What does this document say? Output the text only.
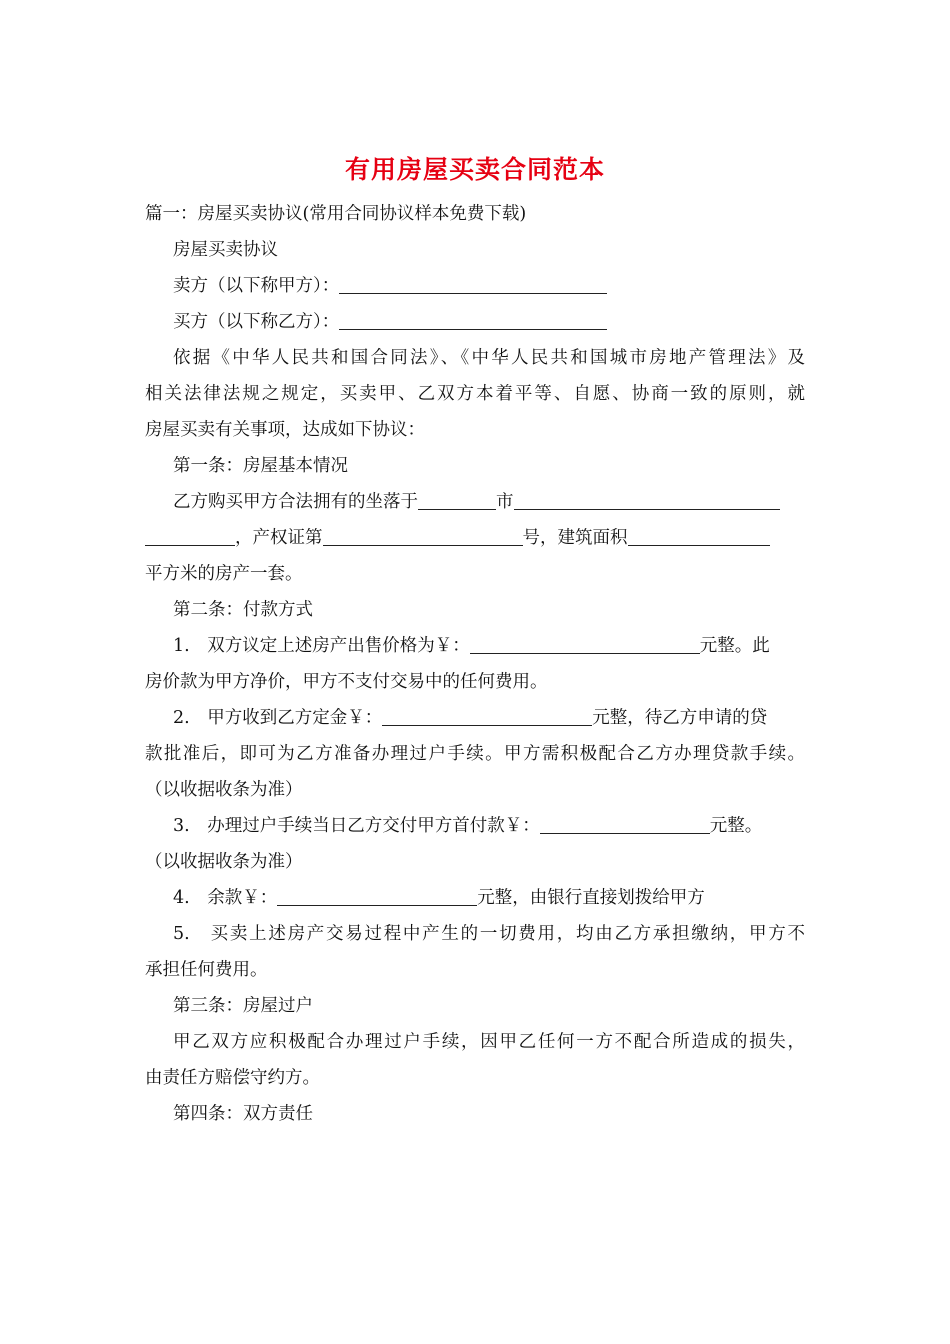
有用房屋买卖合同范本
篇一：房屋买卖协议(常用合同协议样本免费下载)
房屋买卖协议
卖方（以下称甲方）：
买方（以下称乙方）：
依据《中华人民共和国合同法》、《中华人民共和国城市房地产管理法》及
相关法律法规之规定，买卖甲、乙双方本着平等、自愿、协商一致的原则，就
房屋买卖有关事项，达成如下协议：
第一条：房屋基本情况
乙方购买甲方合法拥有的坐落于	市
，产权证第	号，建筑面积
平方米的房产一套。
第二条：付款方式
1.　双方议定上述房产出售价格为￥：	元整。此
房价款为甲方净价，甲方不支付交易中的任何费用。
2.　甲方收到乙方定金￥：	元整，待乙方申请的贷
款批准后，即可为乙方准备办理过户手续。甲方需积极配合乙方办理贷款手续。
（以收据收条为准）
3.　办理过户手续当日乙方交付甲方首付款￥：	元整。
（以收据收条为准）
4.　余款￥：	元整，由银行直接划拨给甲方
5.　买卖上述房产交易过程中产生的一切费用，均由乙方承担缴纳，甲方不
承担任何费用。
第三条：房屋过户
甲乙双方应积极配合办理过户手续，因甲乙任何一方不配合所造成的损失，
由责任方赔偿守约方。
第四条：双方责任
